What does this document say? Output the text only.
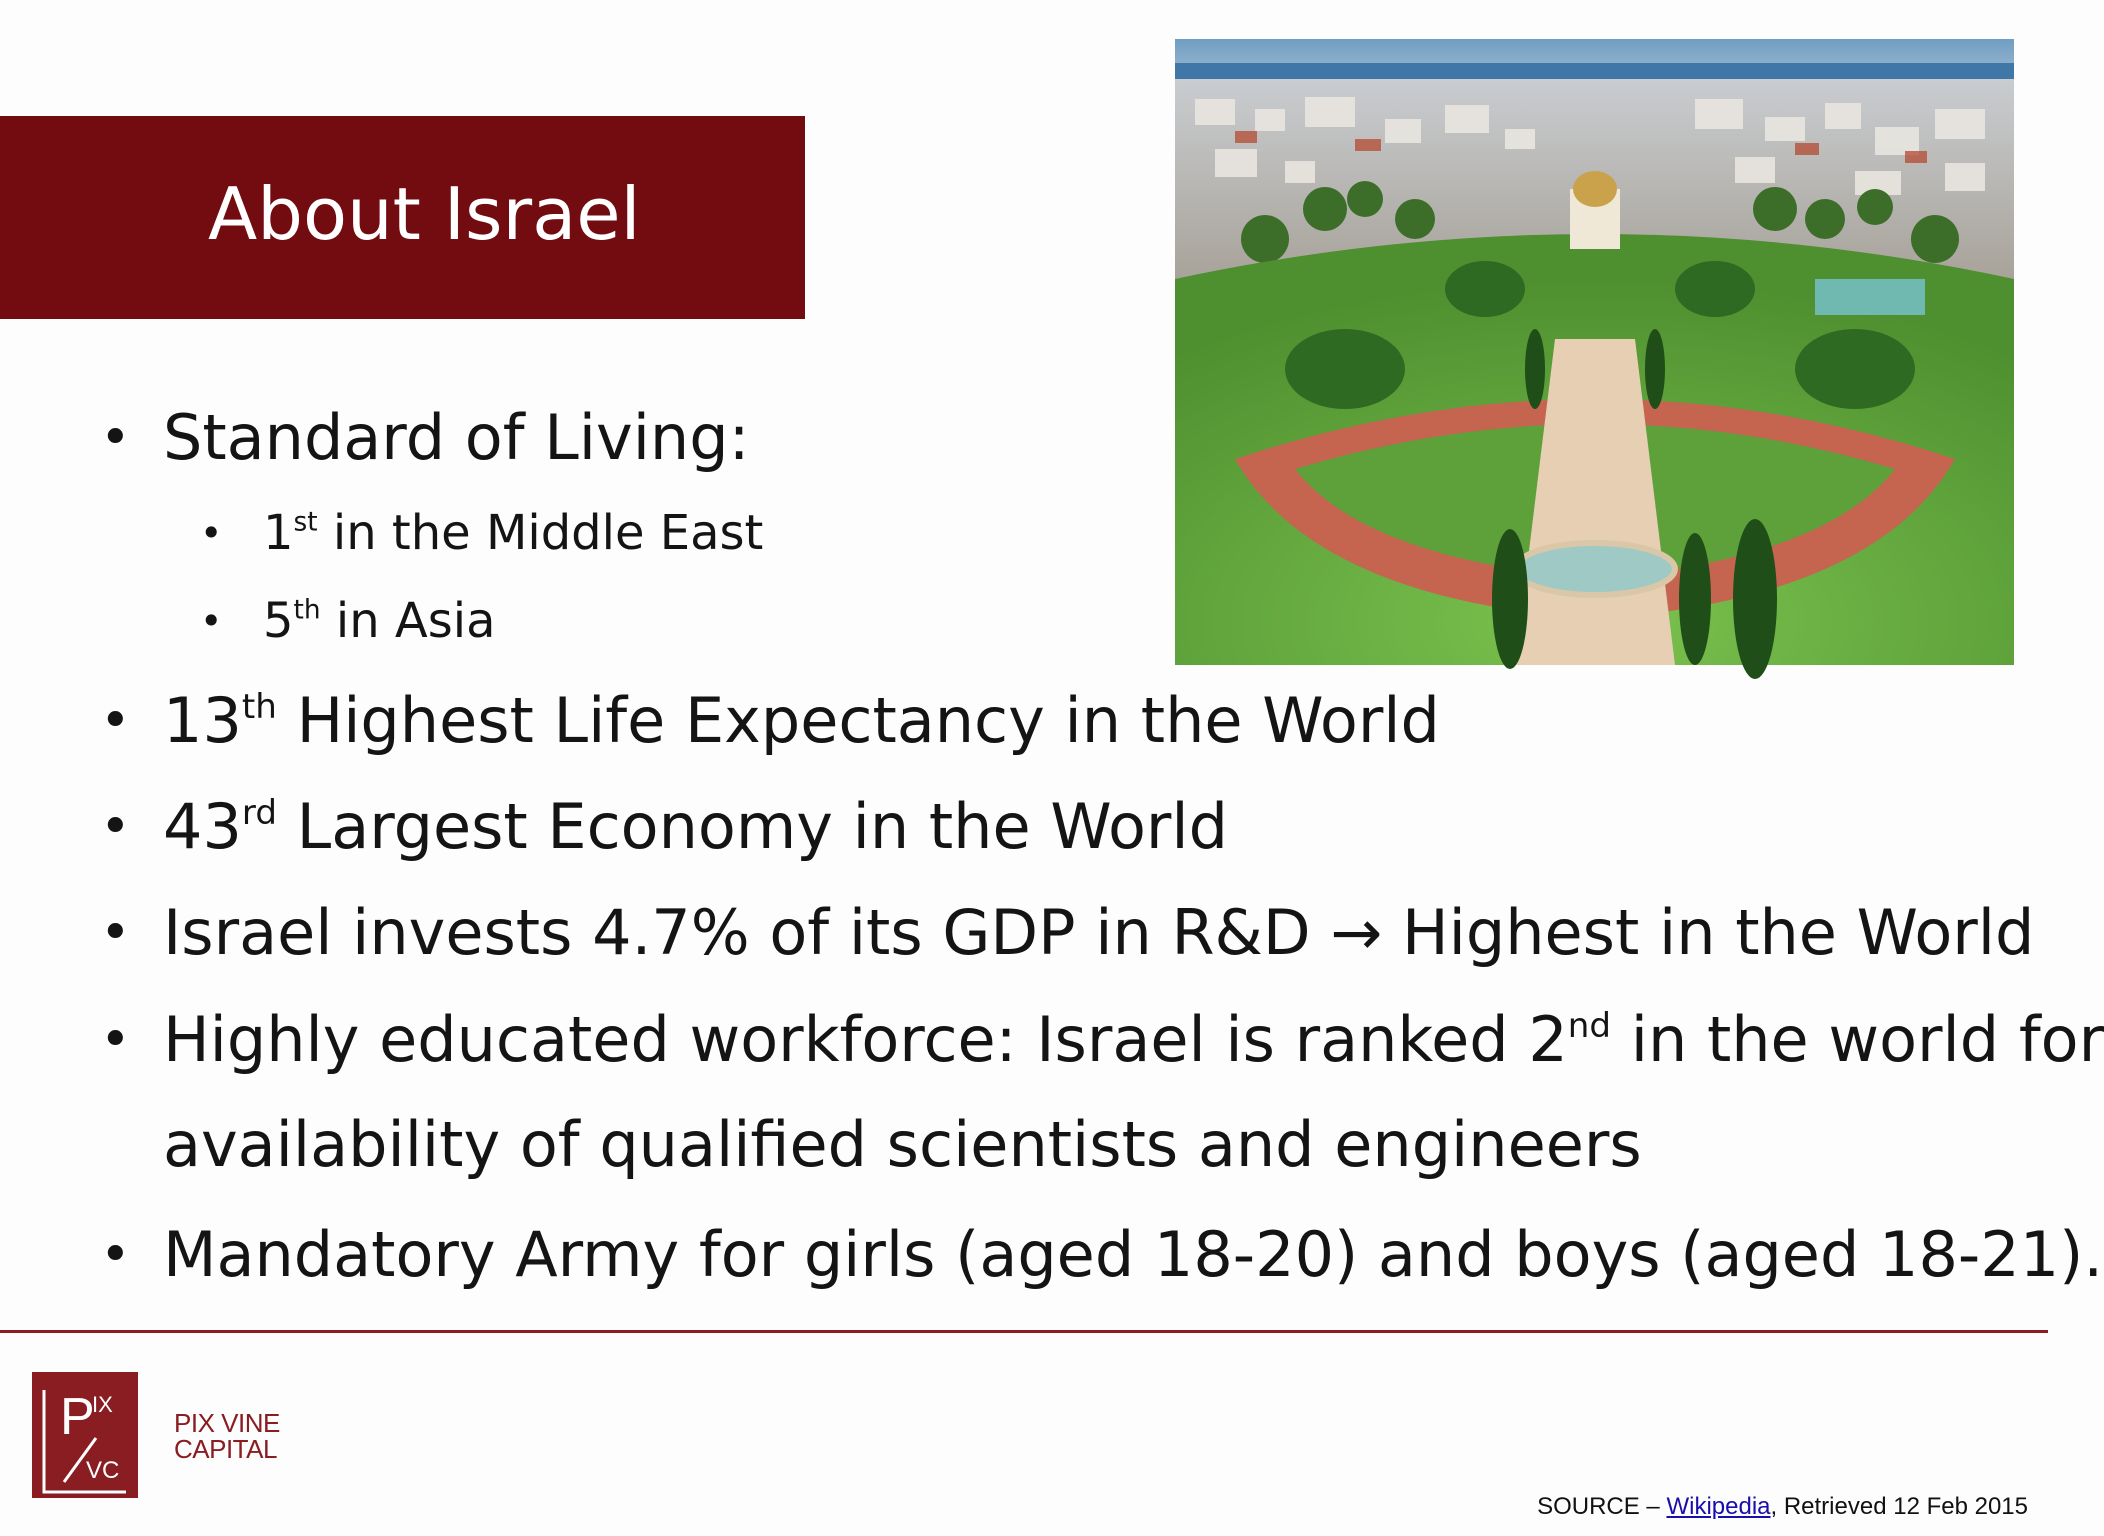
About Israel
• Standard of Living:
• 1st in the Middle East
• 5th in Asia
• 13th Highest Life Expectancy in the World
• 43rd Largest Economy in the World
• Israel invests 4.7% of its GDP in R&D → Highest in the World
• Highly educated workforce: Israel is ranked 2nd in the world for
availability of qualified scientists and engineers
• Mandatory Army for girls (aged 18-20) and boys (aged 18-21).
P
IX
VC
PIX VINE
CAPITAL
SOURCE – Wikipedia, Retrieved 12 Feb 2015
